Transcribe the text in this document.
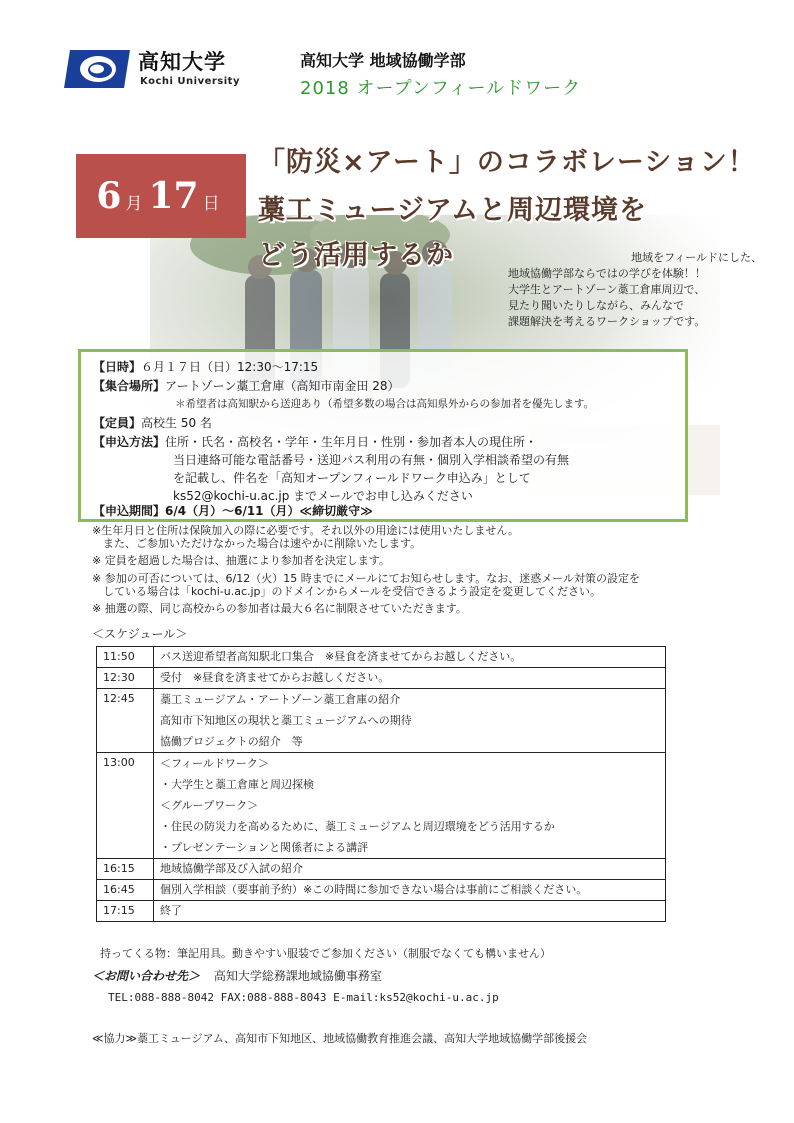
高知大学
Kochi University
高知大学 地域協働学部
2018 オープンフィールドワーク
6 月 17 日
「防災×アート」のコラボレーション！
藁工ミュージアムと周辺環境を
どう活用するか	地域をフィールドにした、
地域協働学部ならではの学びを体験！！
大学生とアートゾーン藁工倉庫周辺で、
見たり聞いたりしながら、みんなで
課題解決を考えるワークショップです。
【日時】６月１７日（日）12:30～17:15
【集合場所】アートゾーン藁工倉庫（高知市南金田 28）
＊希望者は高知駅から送迎あり（希望多数の場合は高知県外からの参加者を優先します。
【定員】高校生 50 名
【申込方法】住所・氏名・高校名・学年・生年月日・性別・参加者本人の現住所・
当日連絡可能な電話番号・送迎バス利用の有無・個別入学相談希望の有無
を記載し、件名を「高知オープンフィールドワーク申込み」として
ks52@kochi-u.ac.jp までメールでお申し込みください
【申込期間】6/4（月）～6/11（月）≪締切厳守≫
※生年月日と住所は保険加入の際に必要です。それ以外の用途には使用いたしません。
　また、ご参加いただけなかった場合は速やかに削除いたします。
※ 定員を超過した場合は、抽選により参加者を決定します。
※ 参加の可否については、6/12（火）15 時までにメールにてお知らせします。なお、迷惑メール対策の設定を
　している場合は「kochi-u.ac.jp」のドメインからメールを受信できるよう設定を変更してください。
※ 抽選の際、同じ高校からの参加者は最大６名に制限させていただきます。
＜スケジュール＞
11:50	バス送迎希望者高知駅北口集合　※昼食を済ませてからお越しください。
12:30	受付　※昼食を済ませてからお越しください。
12:45	藁工ミュージアム・アートゾーン藁工倉庫の紹介
高知市下知地区の現状と藁工ミュージアムへの期待
協働プロジェクトの紹介　等

13:00	＜フィールドワーク＞
・大学生と藁工倉庫と周辺探検
＜グループワーク＞
・住民の防災力を高めるために、藁工ミュージアムと周辺環境をどう活用するか
・プレゼンテーションと関係者による講評

16:15	地域協働学部及び入試の紹介
16:45	個別入学相談（要事前予約）※この時間に参加できない場合は事前にご相談ください。
17:15	終了
持ってくる物：筆記用具。動きやすい服装でご参加ください（制服でなくても構いません）
＜お問い合わせ先＞ 高知大学総務課地域協働事務室
TEL:088-888-8042 FAX:088-888-8043 E-mail:ks52@kochi-u.ac.jp
≪協力≫藁工ミュージアム、高知市下知地区、地域協働教育推進会議、高知大学地域協働学部後援会
